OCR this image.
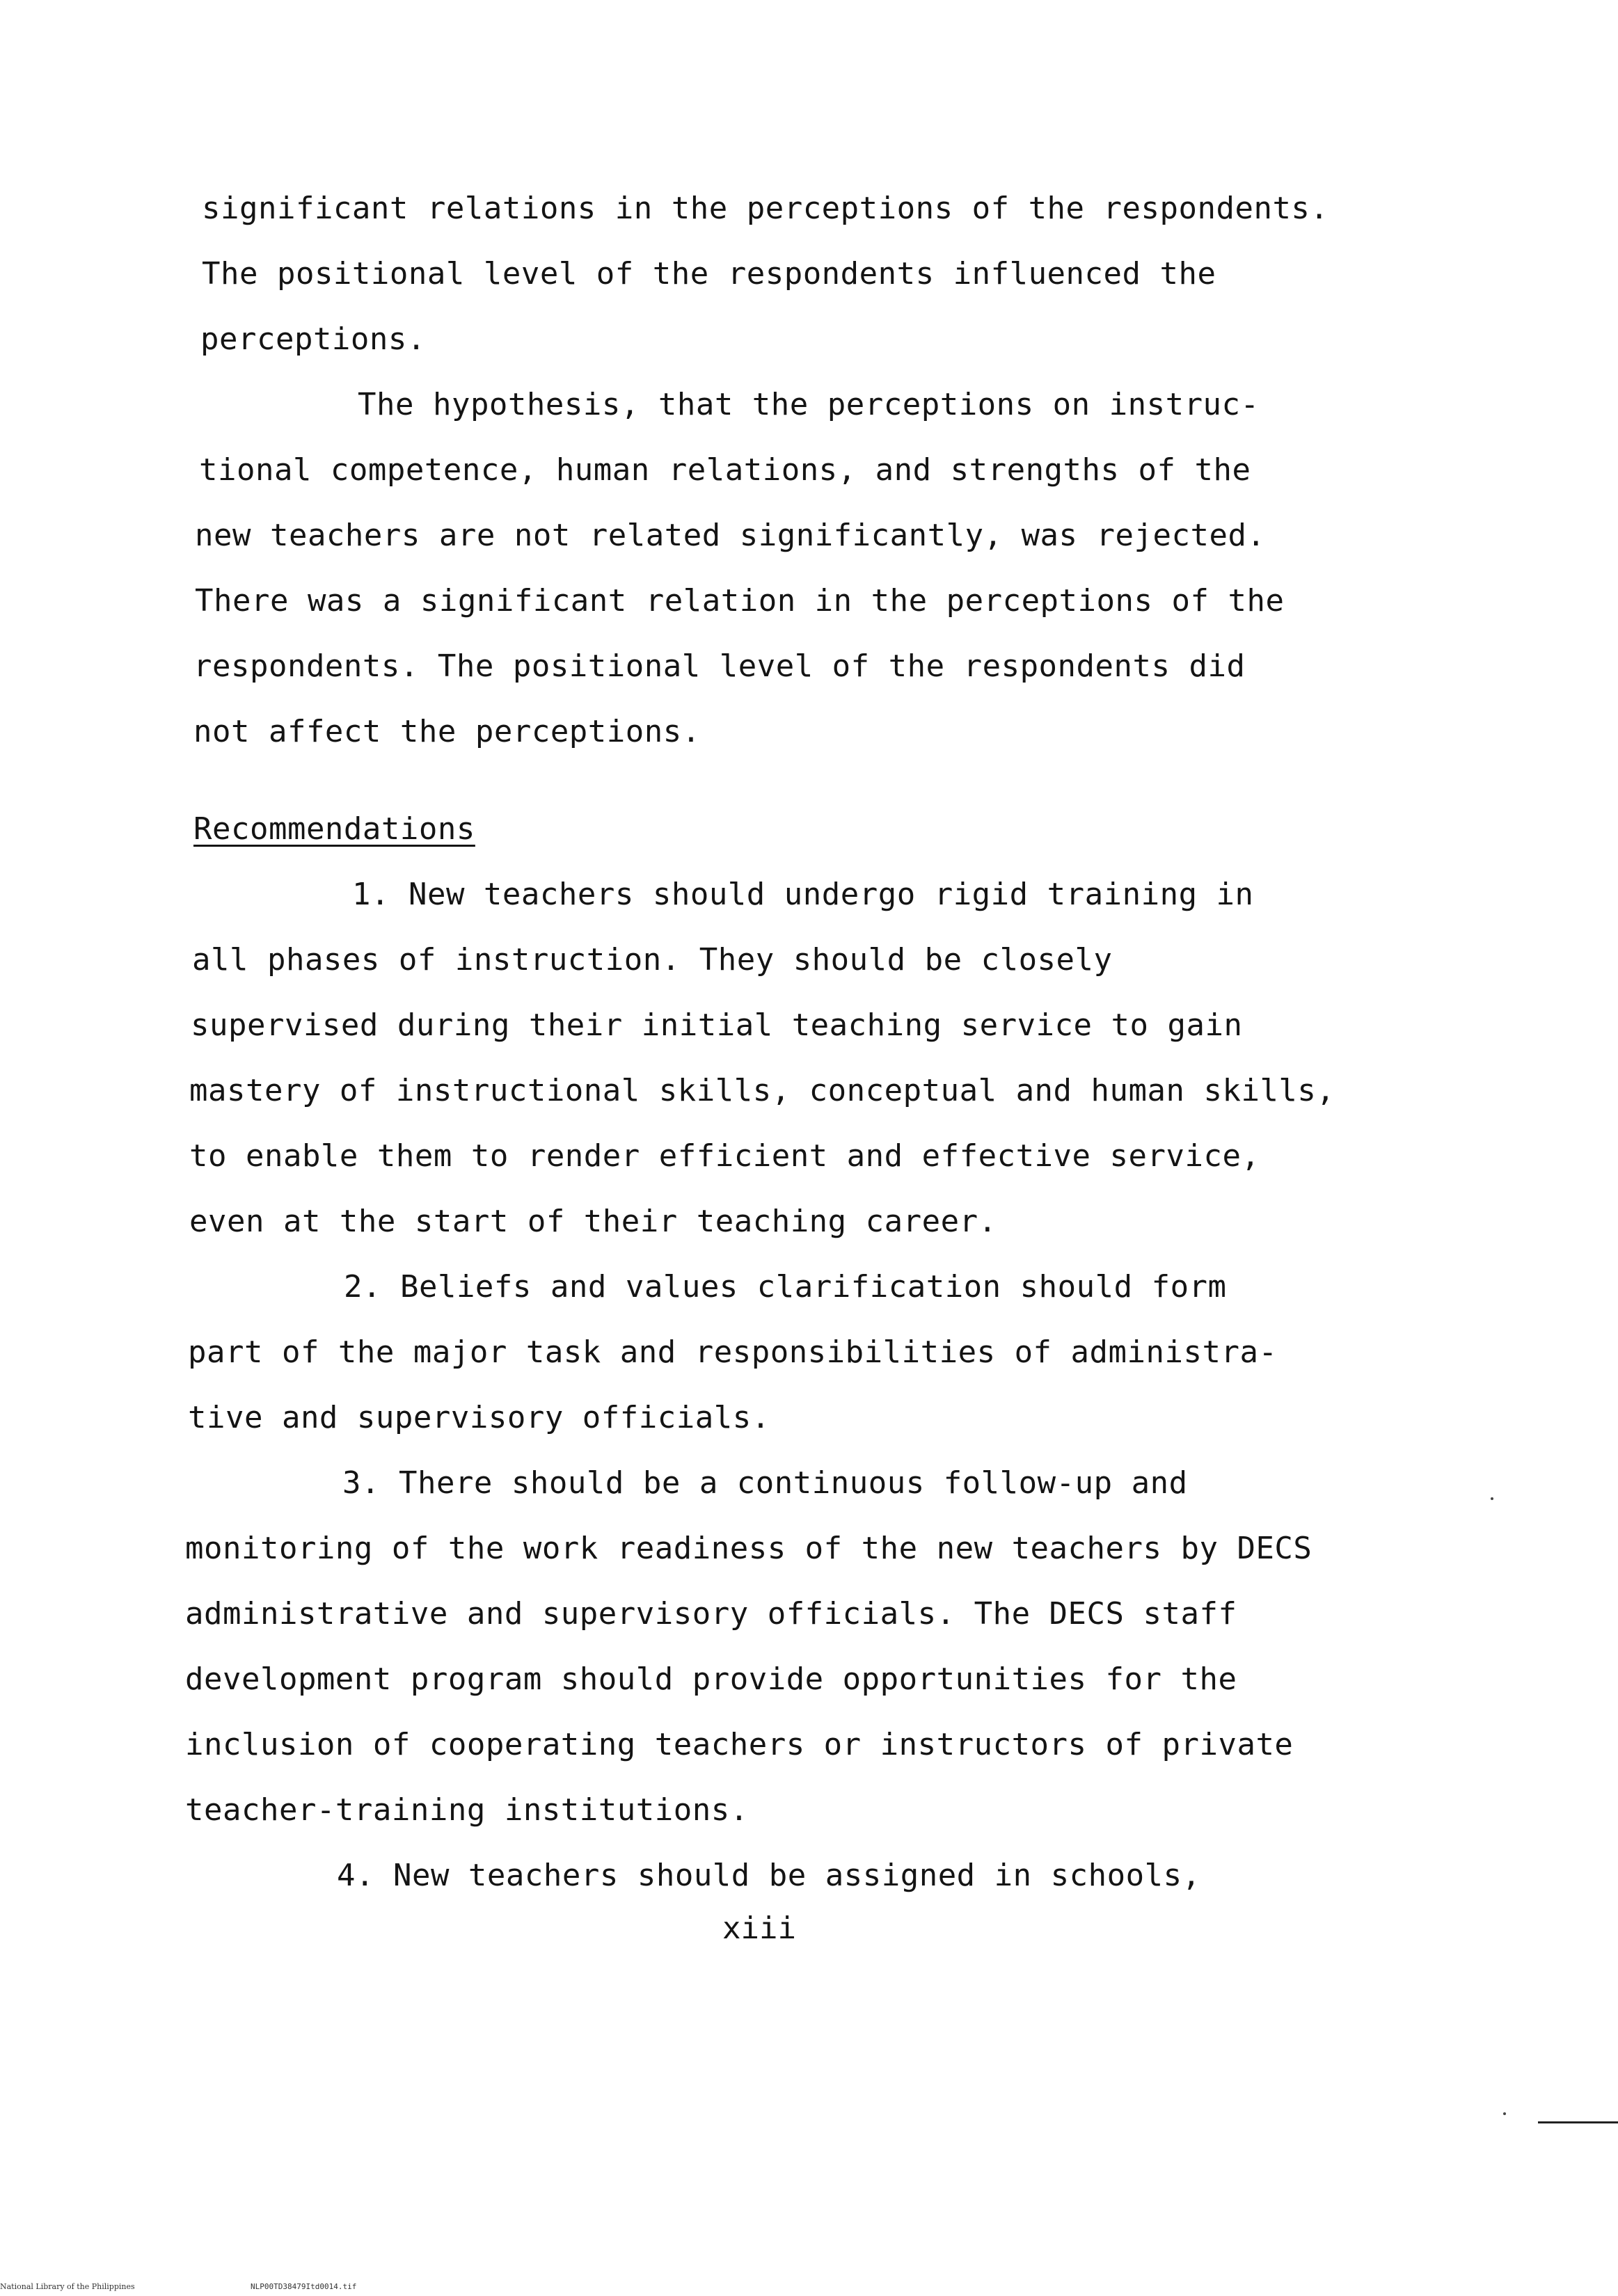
significant relations in the perceptions of the respondents.
The positional level of the respondents influenced the
perceptions.
The hypothesis, that the perceptions on instruc-
tional competence, human relations, and strengths of the
new teachers are not related significantly, was rejected.
There was a significant relation in the perceptions of the
respondents. The positional level of the respondents did
not affect the perceptions.
Recommendations
1. New teachers should undergo rigid training in
all phases of instruction. They should be closely
supervised during their initial teaching service to gain
mastery of instructional skills, conceptual and human skills,
to enable them to render efficient and effective service,
even at the start of their teaching career.
2. Beliefs and values clarification should form
part of the major task and responsibilities of administra-
tive and supervisory officials.
3. There should be a continuous follow-up and
monitoring of the work readiness of the new teachers by DECS
administrative and supervisory officials. The DECS staff
development program should provide opportunities for the
inclusion of cooperating teachers or instructors of private
teacher-training institutions.
4. New teachers should be assigned in schools,
xiii
National Library of the Philippines	NLP00TD38479Itd0014.tif
